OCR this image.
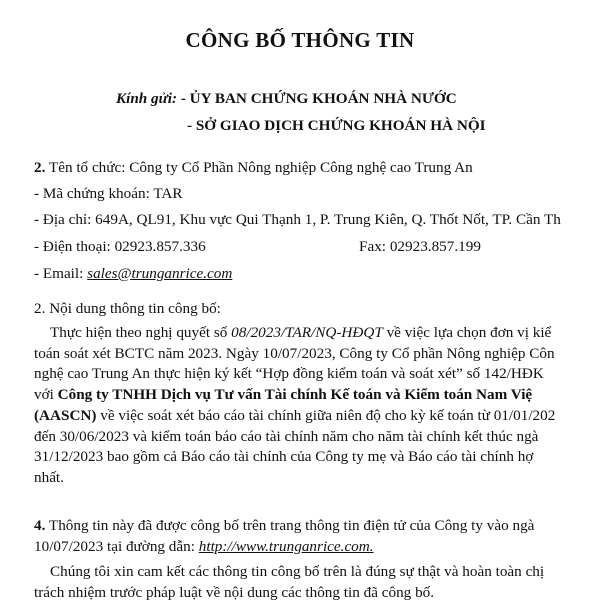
CÔNG BỐ THÔNG TIN
Kính gửi: - ỦY BAN CHỨNG KHOÁN NHÀ NƯỚC
- SỞ GIAO DỊCH CHỨNG KHOÁN HÀ NỘI
2. Tên tổ chức: Công ty Cổ Phần Nông nghiệp Công nghệ cao Trung An
- Mã chứng khoán: TAR
- Địa chỉ: 649A, QL91, Khu vực Qui Thạnh 1, P. Trung Kiên, Q. Thốt Nốt, TP. Cần Th
- Điện thoại: 02923.857.336	Fax: 02923.857.199
- Email: sales@trunganrice.com
2. Nội dung thông tin công bố:
Thực hiện theo nghị quyết số 08/2023/TAR/NQ-HĐQT về việc lựa chọn đơn vị kiể
toán soát xét BCTC năm 2023. Ngày 10/07/2023, Công ty Cổ phần Nông nghiệp Côn
nghệ cao Trung An thực hiện ký kết “Hợp đồng kiểm toán và soát xét” số 142/HĐK
với Công ty TNHH Dịch vụ Tư vấn Tài chính Kế toán và Kiểm toán Nam Việ
(AASCN) về việc soát xét báo cáo tài chính giữa niên độ cho kỳ kế toán từ 01/01/202
đến 30/06/2023 và kiểm toán báo cáo tài chính năm cho năm tài chính kết thúc ngà
31/12/2023 bao gồm cả Báo cáo tài chính của Công ty mẹ và Báo cáo tài chính hợ
nhất.
4. Thông tin này đã được công bố trên trang thông tin điện tử của Công ty vào ngà
10/07/2023 tại đường dẫn: http://www.trunganrice.com.
Chúng tôi xin cam kết các thông tin công bố trên là đúng sự thật và hoàn toàn chị
trách nhiệm trước pháp luật về nội dung các thông tin đã công bố.
